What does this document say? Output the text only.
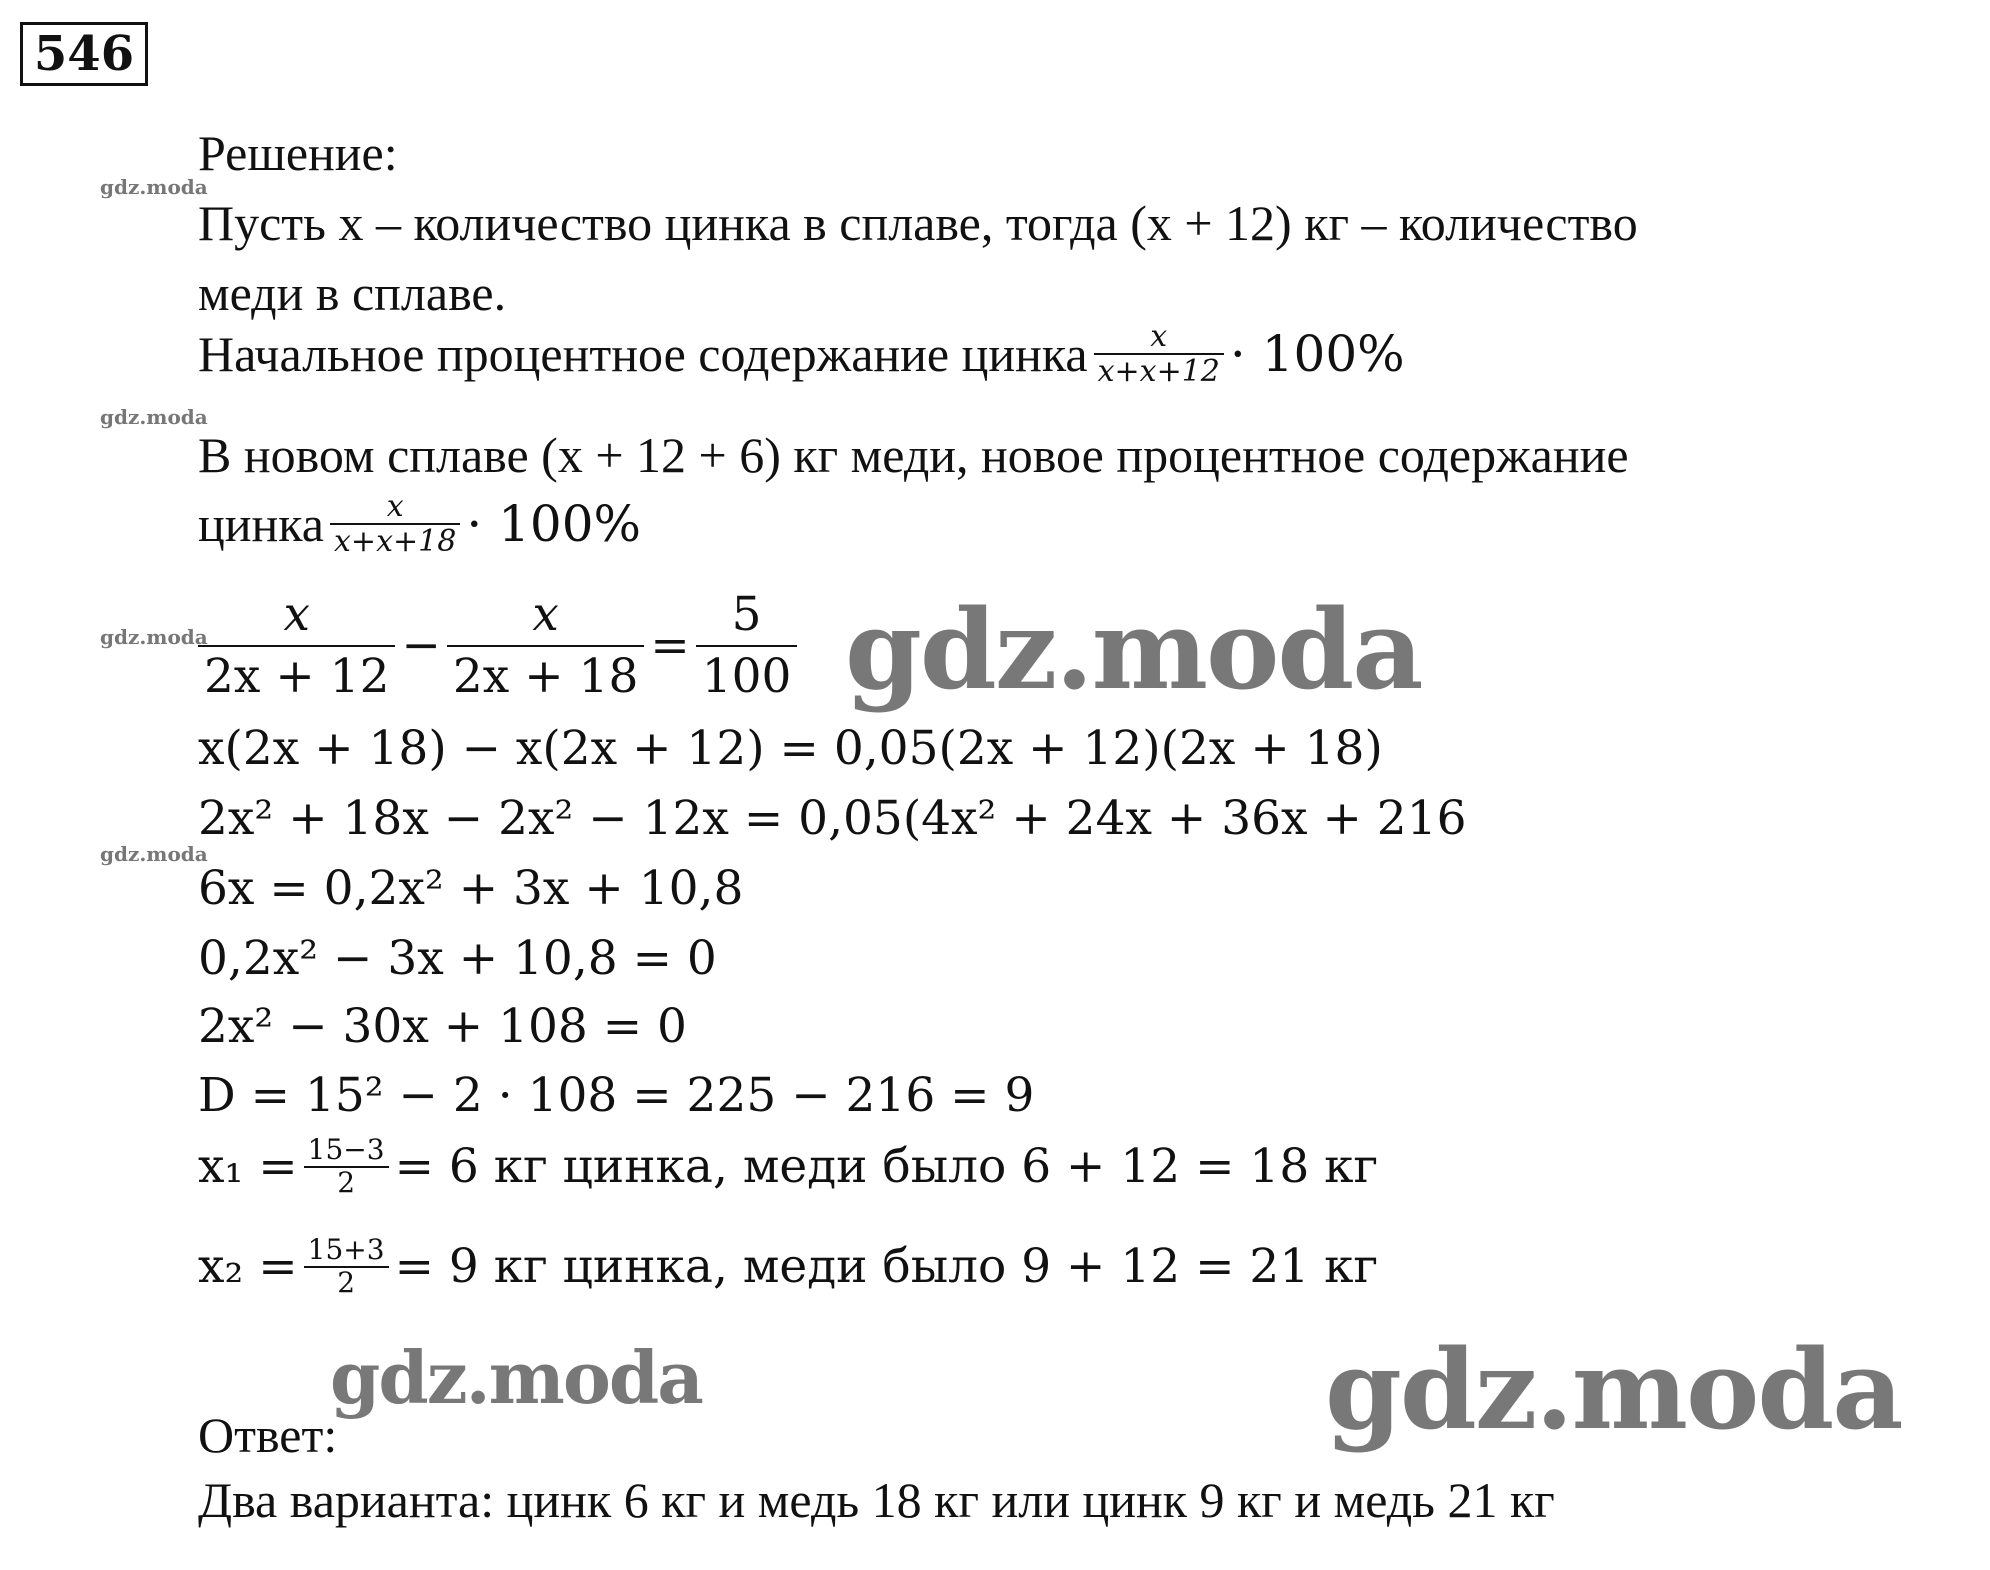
546
Решение:
Пусть x – количество цинка в сплаве, тогда (x + 12) кг – количество
меди в сплаве.
Начальное процентное содержание цинка $\frac{x}{x+x+12} \cdot 100\%$
В новом сплаве (x + 12 + 6) кг меди, новое процентное содержание
цинка $\frac{x}{x+x+18} \cdot 100\%$
$\frac{x}{2x + 12} - \frac{x}{2x + 18} = \frac{5}{100}$
x(2x + 18) − x(2x + 12) = 0,05(2x + 12)(2x + 18)
2x² + 18x − 2x² − 12x = 0,05(4x² + 24x + 36x + 216
6x = 0,2x² + 3x + 10,8
0,2x² − 3x + 10,8 = 0
2x² − 30x + 108 = 0
D = 15² − 2 · 108 = 225 − 216 = 9
$x_1 = \frac{15-3}{2} = 6$ кг цинка, меди было 6 + 12 = 18 кг
$x_2 = \frac{15+3}{2} = 9$ кг цинка, меди было 9 + 12 = 21 кг
Ответ:
Два варианта: цинк 6 кг и медь 18 кг или цинк 9 кг и медь 21 кг
gdz.moda
gdz.moda
gdz.moda
gdz.moda
gdz.moda
gdz.moda	gdz.moda
